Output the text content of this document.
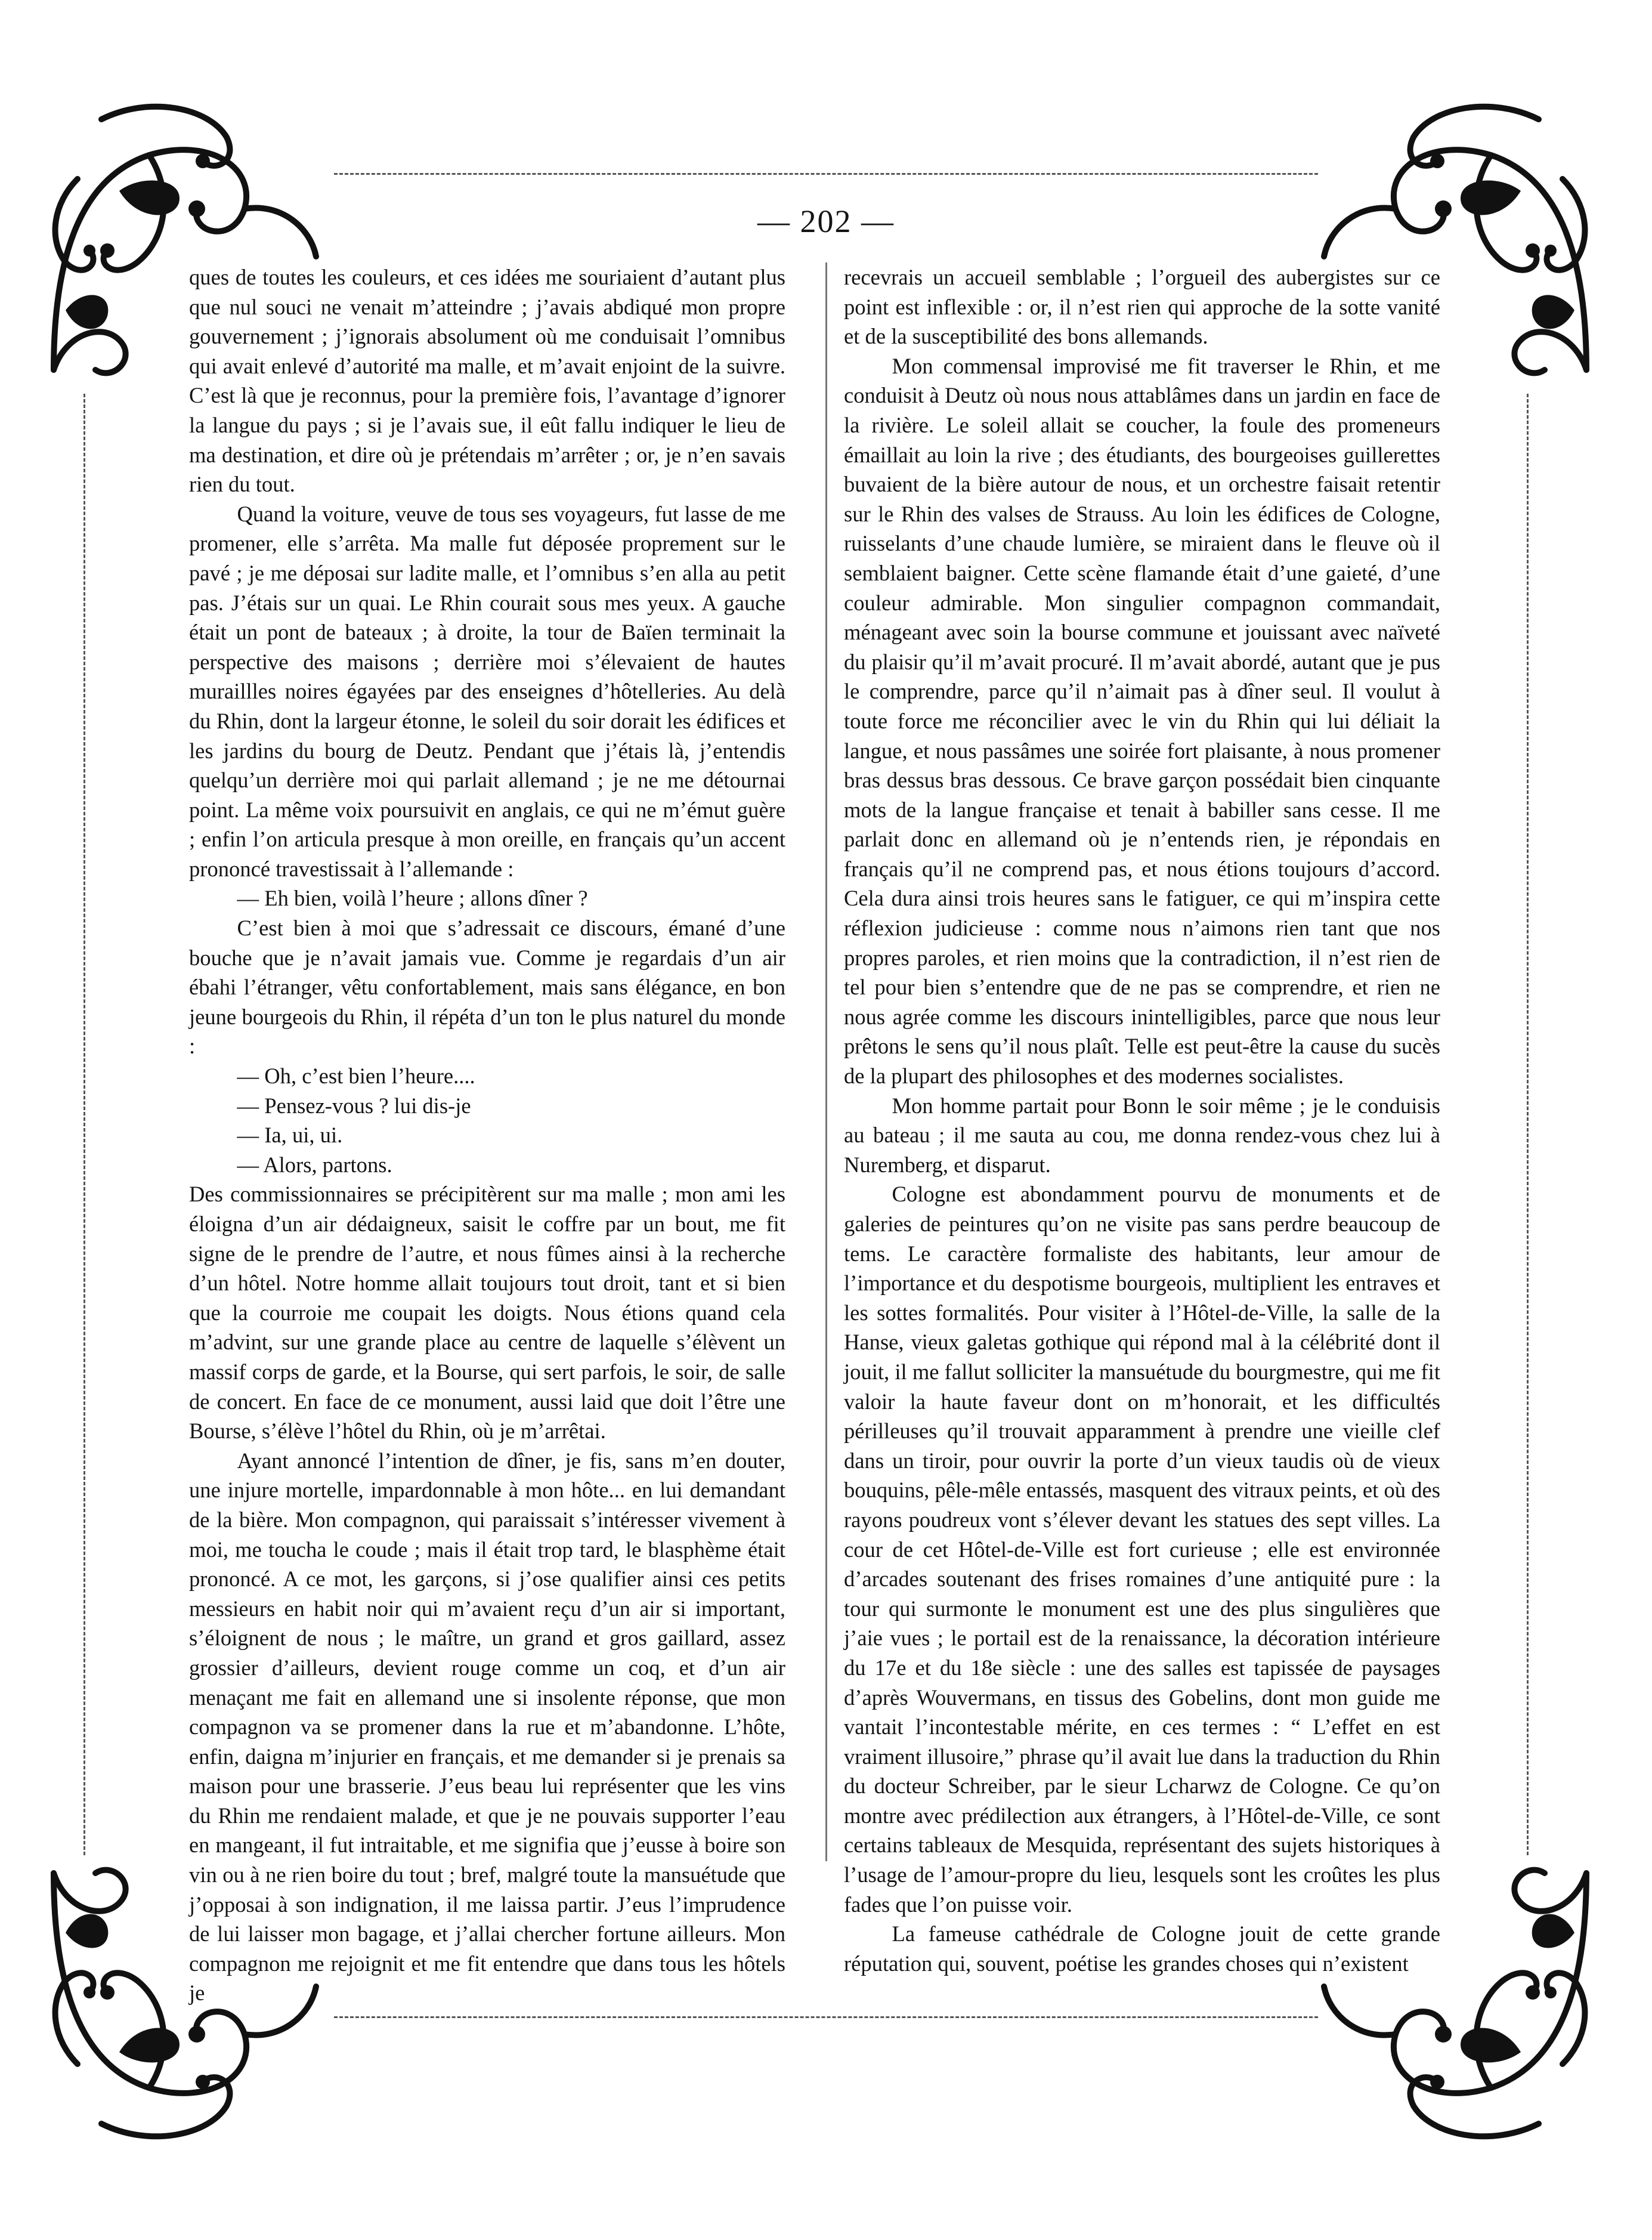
— 202 —

ques de toutes les couleurs, et ces idées me souriaient d’autant plus que nul souci ne venait m’atteindre ; j’avais abdiqué mon propre gouvernement ; j’ignorais absolument où me conduisait l’omnibus qui avait enlevé d’autorité ma malle, et m’avait enjoint de la suivre. C’est là que je reconnus, pour la première fois, l’avantage d’ignorer la langue du pays ; si je l’avais sue, il eût fallu indiquer le lieu de ma destination, et dire où je prétendais m’arrêter ; or, je n’en savais rien du tout.

Quand la voiture, veuve de tous ses voyageurs, fut lasse de me promener, elle s’arrêta. Ma malle fut déposée proprement sur le pavé ; je me déposai sur ladite malle, et l’omnibus s’en alla au petit pas. J’étais sur un quai. Le Rhin courait sous mes yeux. A gauche était un pont de bateaux ; à droite, la tour de Baïen terminait la perspective des maisons ; derrière moi s’élevaient de hautes muraillles noires égayées par des enseignes d’hôtelleries. Au delà du Rhin, dont la largeur étonne, le soleil du soir dorait les édifices et les jardins du bourg de Deutz. Pendant que j’étais là, j’entendis quelqu’un derrière moi qui parlait allemand ; je ne me détournai point. La même voix poursuivit en anglais, ce qui ne m’émut guère ; enfin l’on articula presque à mon oreille, en français qu’un accent prononcé travestissait à l’allemande :

— Eh bien, voilà l’heure ; allons dîner ?

C’est bien à moi que s’adressait ce discours, émané d’une bouche que je n’avait jamais vue. Comme je regardais d’un air ébahi l’étranger, vêtu confortablement, mais sans élégance, en bon jeune bourgeois du Rhin, il répéta d’un ton le plus naturel du monde :

— Oh, c’est bien l’heure....

— Pensez-vous ? lui dis-je

— Ia, ui, ui.

— Alors, partons.

Des commissionnaires se précipitèrent sur ma malle ; mon ami les éloigna d’un air dédaigneux, saisit le coffre par un bout, me fit signe de le prendre de l’autre, et nous fûmes ainsi à la recherche d’un hôtel. Notre homme allait toujours tout droit, tant et si bien que la courroie me coupait les doigts. Nous étions quand cela m’advint, sur une grande place au centre de laquelle s’élèvent un massif corps de garde, et la Bourse, qui sert parfois, le soir, de salle de concert. En face de ce monument, aussi laid que doit l’être une Bourse, s’élève l’hôtel du Rhin, où je m’arrêtai.

Ayant annoncé l’intention de dîner, je fis, sans m’en douter, une injure mortelle, impardonnable à mon hôte... en lui demandant de la bière. Mon compagnon, qui paraissait s’intéresser vivement à moi, me toucha le coude ; mais il était trop tard, le blasphème était prononcé. A ce mot, les garçons, si j’ose qualifier ainsi ces petits messieurs en habit noir qui m’avaient reçu d’un air si important, s’éloignent de nous ; le maître, un grand et gros gaillard, assez grossier d’ailleurs, devient rouge comme un coq, et d’un air menaçant me fait en allemand une si insolente réponse, que mon compagnon va se promener dans la rue et m’abandonne. L’hôte, enfin, daigna m’injurier en français, et me demander si je prenais sa maison pour une brasserie. J’eus beau lui représenter que les vins du Rhin me rendaient malade, et que je ne pouvais supporter l’eau en mangeant, il fut intraitable, et me signifia que j’eusse à boire son vin ou à ne rien boire du tout ; bref, malgré toute la mansuétude que j’opposai à son indignation, il me laissa partir. J’eus l’imprudence de lui laisser mon bagage, et j’allai chercher fortune ailleurs. Mon compagnon me rejoignit et me fit entendre que dans tous les hôtels je

recevrais un accueil semblable ; l’orgueil des aubergistes sur ce point est inflexible : or, il n’est rien qui approche de la sotte vanité et de la susceptibilité des bons allemands.

Mon commensal improvisé me fit traverser le Rhin, et me conduisit à Deutz où nous nous attablâmes dans un jardin en face de la rivière. Le soleil allait se coucher, la foule des promeneurs émaillait au loin la rive ; des étudiants, des bourgeoises guillerettes buvaient de la bière autour de nous, et un orchestre faisait retentir sur le Rhin des valses de Strauss. Au loin les édifices de Cologne, ruisselants d’une chaude lumière, se miraient dans le fleuve où il semblaient baigner. Cette scène flamande était d’une gaieté, d’une couleur admirable. Mon singulier compagnon commandait, ménageant avec soin la bourse commune et jouissant avec naïveté du plaisir qu’il m’avait procuré. Il m’avait abordé, autant que je pus le comprendre, parce qu’il n’aimait pas à dîner seul. Il voulut à toute force me réconcilier avec le vin du Rhin qui lui déliait la langue, et nous passâmes une soirée fort plaisante, à nous promener bras dessus bras dessous. Ce brave garçon possédait bien cinquante mots de la langue française et tenait à babiller sans cesse. Il me parlait donc en allemand où je n’entends rien, je répondais en français qu’il ne comprend pas, et nous étions toujours d’accord. Cela dura ainsi trois heures sans le fatiguer, ce qui m’inspira cette réflexion judicieuse : comme nous n’aimons rien tant que nos propres paroles, et rien moins que la contradiction, il n’est rien de tel pour bien s’entendre que de ne pas se comprendre, et rien ne nous agrée comme les discours inintelligibles, parce que nous leur prêtons le sens qu’il nous plaît. Telle est peut-être la cause du sucès de la plupart des philosophes et des modernes socialistes.

Mon homme partait pour Bonn le soir même ; je le conduisis au bateau ; il me sauta au cou, me donna rendez-vous chez lui à Nuremberg, et disparut.

Cologne est abondamment pourvu de monuments et de galeries de peintures qu’on ne visite pas sans perdre beaucoup de tems. Le caractère formaliste des habitants, leur amour de l’importance et du despotisme bourgeois, multiplient les entraves et les sottes formalités. Pour visiter à l’Hôtel-de-Ville, la salle de la Hanse, vieux galetas gothique qui répond mal à la célébrité dont il jouit, il me fallut solliciter la mansuétude du bourgmestre, qui me fit valoir la haute faveur dont on m’honorait, et les difficultés périlleuses qu’il trouvait apparamment à prendre une vieille clef dans un tiroir, pour ouvrir la porte d’un vieux taudis où de vieux bouquins, pêle-mêle entassés, masquent des vitraux peints, et où des rayons poudreux vont s’élever devant les statues des sept villes. La cour de cet Hôtel-de-Ville est fort curieuse ; elle est environnée d’arcades soutenant des frises romaines d’une antiquité pure : la tour qui surmonte le monument est une des plus singulières que j’aie vues ; le portail est de la renaissance, la décoration intérieure du 17e et du 18e siècle : une des salles est tapissée de paysages d’après Wouvermans, en tissus des Gobelins, dont mon guide me vantait l’incontestable mérite, en ces termes : “ L’effet en est vraiment illusoire,” phrase qu’il avait lue dans la traduction du Rhin du docteur Schreiber, par le sieur Lcharwz de Cologne. Ce qu’on montre avec prédilection aux étrangers, à l’Hôtel-de-Ville, ce sont certains tableaux de Mesquida, représentant des sujets historiques à l’usage de l’amour-propre du lieu, lesquels sont les croûtes les plus fades que l’on puisse voir.

La fameuse cathédrale de Cologne jouit de cette grande réputation qui, souvent, poétise les grandes choses qui n’existent
